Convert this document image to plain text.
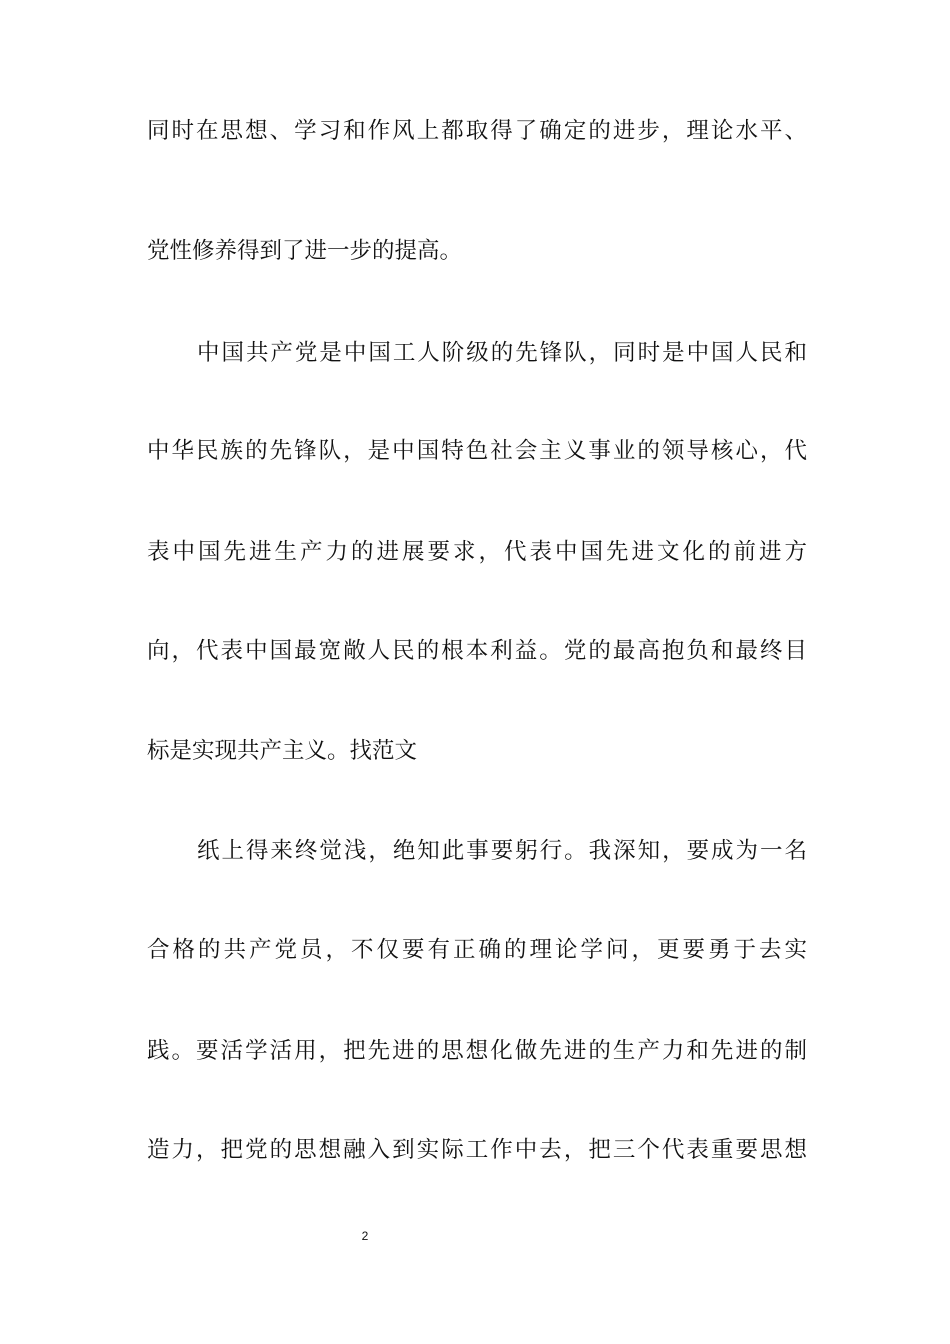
同时在思想、学习和作风上都取得了确定的进步，理论水平、
党性修养得到了进一步的提高。
中国共产党是中国工人阶级的先锋队，同时是中国人民和
中华民族的先锋队，是中国特色社会主义事业的领导核心，代
表中国先进生产力的进展要求，代表中国先进文化的前进方
向，代表中国最宽敞人民的根本利益。党的最高抱负和最终目
标是实现共产主义。找范文
纸上得来终觉浅，绝知此事要躬行。我深知，要成为一名
合格的共产党员，不仅要有正确的理论学问，更要勇于去实
践。要活学活用，把先进的思想化做先进的生产力和先进的制
造力，把党的思想融入到实际工作中去，把三个代表重要思想
2
